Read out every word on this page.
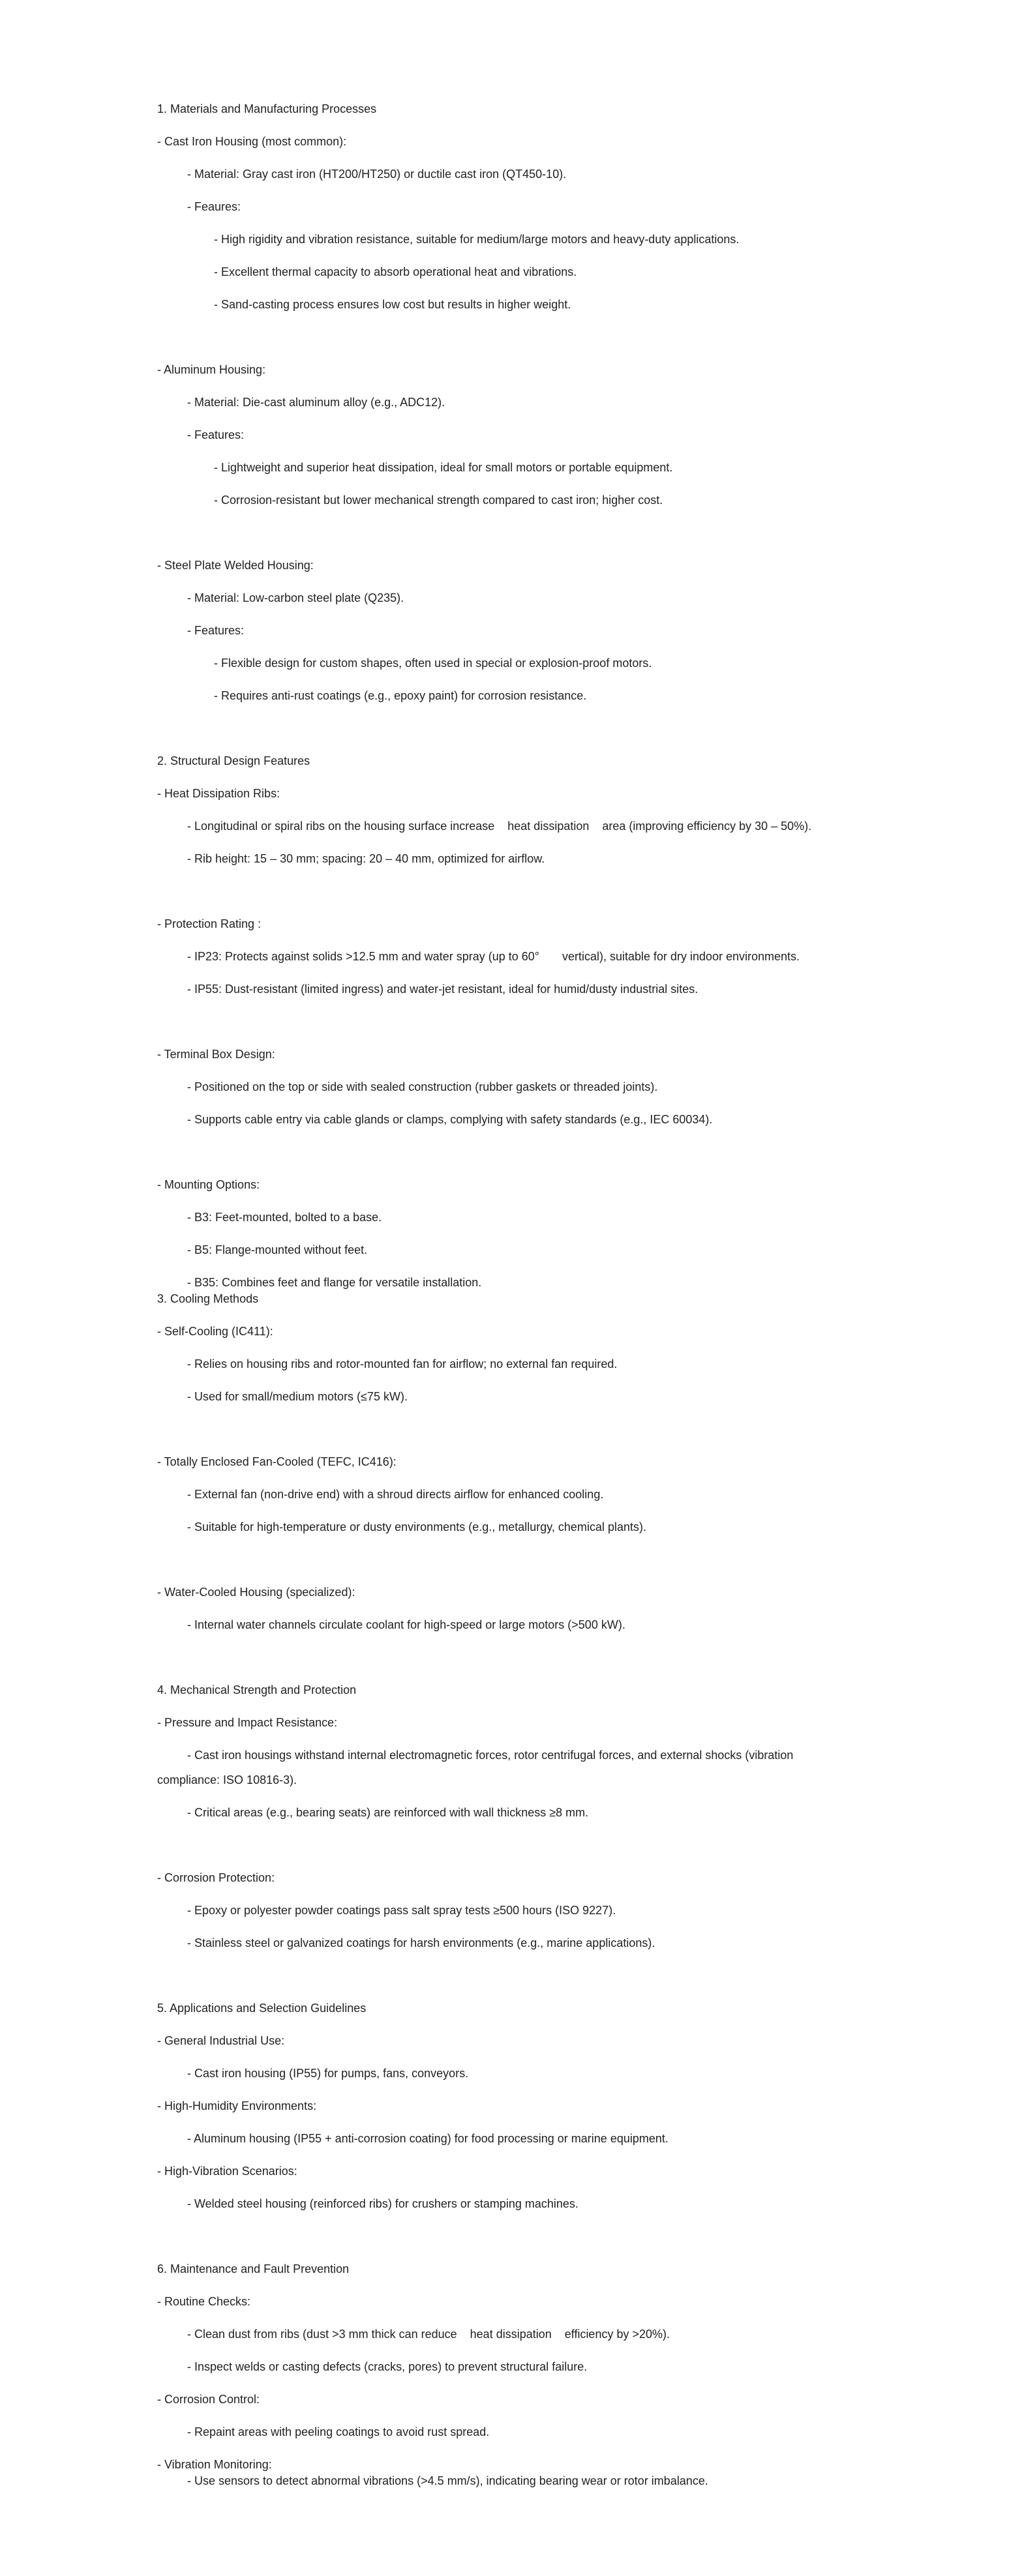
1. Materials and Manufacturing Processes
- Cast Iron Housing (most common):
- Material: Gray cast iron (HT200/HT250) or ductile cast iron (QT450-10).
- Feaures:
- High rigidity and vibration resistance, suitable for medium/large motors and heavy-duty applications.
- Excellent thermal capacity to absorb operational heat and vibrations.
- Sand-casting process ensures low cost but results in higher weight.
- Aluminum Housing:
- Material: Die-cast aluminum alloy (e.g., ADC12).
- Features:
- Lightweight and superior heat dissipation, ideal for small motors or portable equipment.
- Corrosion-resistant but lower mechanical strength compared to cast iron; higher cost.
- Steel Plate Welded Housing:
- Material: Low-carbon steel plate (Q235).
- Features:
- Flexible design for custom shapes, often used in special or explosion-proof motors.
- Requires anti-rust coatings (e.g., epoxy paint) for corrosion resistance.
2. Structural Design Features
- Heat Dissipation Ribs:
- Longitudinal or spiral ribs on the housing surface increase    heat dissipation    area (improving efficiency by 30 – 50%).
- Rib height: 15 – 30 mm; spacing: 20 – 40 mm, optimized for airflow.
- Protection Rating :
- IP23: Protects against solids >12.5 mm and water spray (up to 60°       vertical), suitable for dry indoor environments.
- IP55: Dust-resistant (limited ingress) and water-jet resistant, ideal for humid/dusty industrial sites.
- Terminal Box Design:
- Positioned on the top or side with sealed construction (rubber gaskets or threaded joints).
- Supports cable entry via cable glands or clamps, complying with safety standards (e.g., IEC 60034).
- Mounting Options:
- B3: Feet-mounted, bolted to a base.
- B5: Flange-mounted without feet.
- B35: Combines feet and flange for versatile installation.
3. Cooling Methods
- Self-Cooling (IC411):
- Relies on housing ribs and rotor-mounted fan for airflow; no external fan required.
- Used for small/medium motors (≤75 kW).
- Totally Enclosed Fan-Cooled (TEFC, IC416):
- External fan (non-drive end) with a shroud directs airflow for enhanced cooling.
- Suitable for high-temperature or dusty environments (e.g., metallurgy, chemical plants).
- Water-Cooled Housing (specialized):
- Internal water channels circulate coolant for high-speed or large motors (>500 kW).
4. Mechanical Strength and Protection
- Pressure and Impact Resistance:
- Cast iron housings withstand internal electromagnetic forces, rotor centrifugal forces, and external shocks (vibration
compliance: ISO 10816-3).
- Critical areas (e.g., bearing seats) are reinforced with wall thickness ≥8 mm.
- Corrosion Protection:
- Epoxy or polyester powder coatings pass salt spray tests ≥500 hours (ISO 9227).
- Stainless steel or galvanized coatings for harsh environments (e.g., marine applications).
5. Applications and Selection Guidelines
- General Industrial Use:
- Cast iron housing (IP55) for pumps, fans, conveyors.
- High-Humidity Environments:
- Aluminum housing (IP55 + anti-corrosion coating) for food processing or marine equipment.
- High-Vibration Scenarios:
- Welded steel housing (reinforced ribs) for crushers or stamping machines.
6. Maintenance and Fault Prevention
- Routine Checks:
- Clean dust from ribs (dust >3 mm thick can reduce    heat dissipation    efficiency by >20%).
- Inspect welds or casting defects (cracks, pores) to prevent structural failure.
- Corrosion Control:
- Repaint areas with peeling coatings to avoid rust spread.
- Vibration Monitoring:
- Use sensors to detect abnormal vibrations (>4.5 mm/s), indicating bearing wear or rotor imbalance.
